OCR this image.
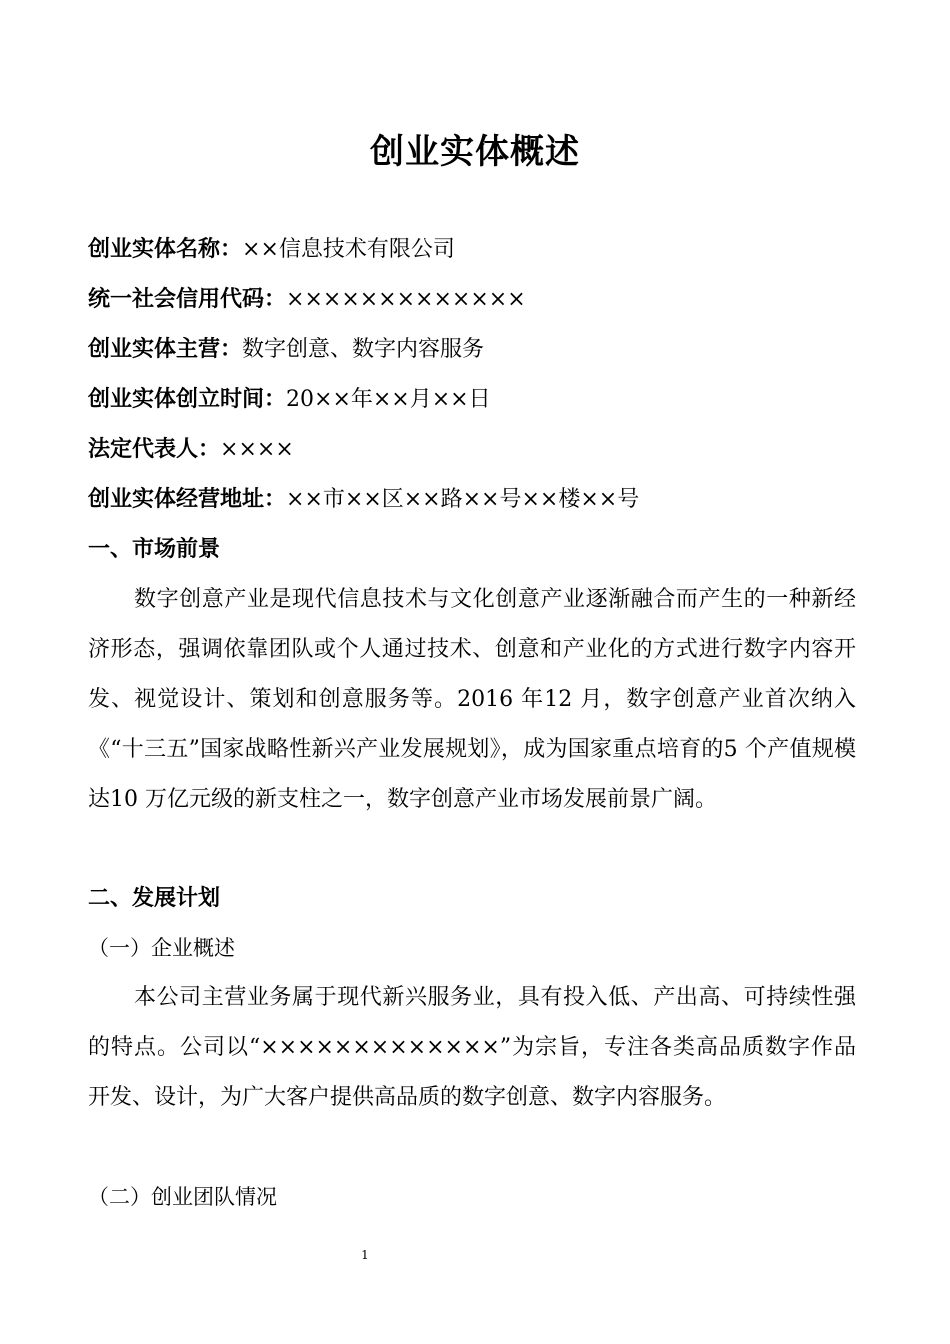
创业实体概述
创业实体名称：××信息技术有限公司
统一社会信用代码：×××××××××××××
创业实体主营：数字创意、数字内容服务
创业实体创立时间：20××年××月××日
法定代表人：××××
创业实体经营地址：××市××区××路××号××楼××号
一、市场前景
数字创意产业是现代信息技术与文化创意产业逐渐融合而产生的一种新经济形态，强调依靠团队或个人通过技术、创意和产业化的方式进行数字内容开发、视觉设计、策划和创意服务等。2016 年12 月，数字创意产业首次纳入《“十三五”国家战略性新兴产业发展规划》，成为国家重点培育的5 个产值规模达10 万亿元级的新支柱之一，数字创意产业市场发展前景广阔。
二、发展计划
（一）企业概述
本公司主营业务属于现代新兴服务业，具有投入低、产出高、可持续性强的特点。公司以“×××××××××××××”为宗旨，专注各类高品质数字作品开发、设计，为广大客户提供高品质的数字创意、数字内容服务。
（二）创业团队情况
1
